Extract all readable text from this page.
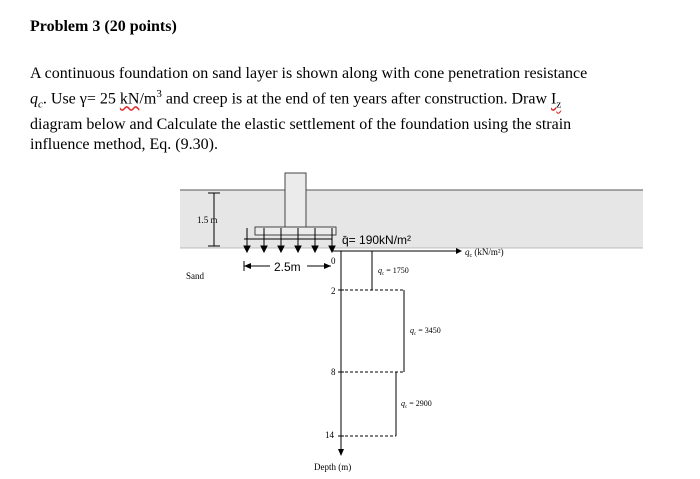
Problem 3 (20 points)

A continuous foundation on sand layer is shown along with cone penetration resistance

$q_c$. Use γ= 25 $kN/m^3$ and creep is at the end of ten years after construction. Draw $I_z$

diagram below and Calculate the elastic settlement of the foundation using the strain

influence method, Eq. (9.30).

1.5 m
q̄= 190kN/m²
$q_c$ (kN/m²)
Sand
2.5m
Depth (m)
0
2
8
14
$q_c = 1750$
$q_c = 3450$
$q_c = 2900$
